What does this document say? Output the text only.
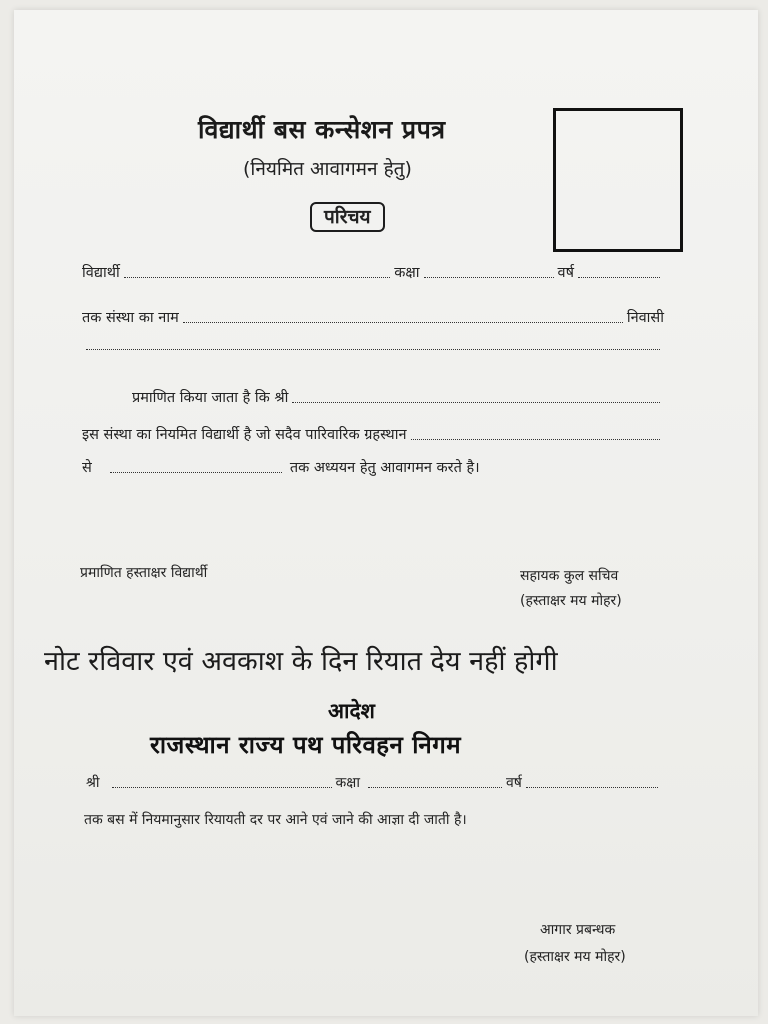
विद्यार्थी बस कन्सेशन प्रपत्र
(नियमित आवागमन हेतु)
परिचय
विद्यार्थी	कक्षा	वर्ष
तक संस्था का नाम	निवासी
प्रमाणित किया जाता है कि श्री
इस संस्था का नियमित विद्यार्थी है जो सदैव पारिवारिक ग्रहस्थान
से	तक अध्ययन हेतु आवागमन करते है।
प्रमाणित हस्ताक्षर विद्यार्थी	सहायक कुल सचिव
(हस्ताक्षर मय मोहर)
नोट रविवार एवं अवकाश के दिन रियात देय नहीं होगी
आदेश
राजस्थान राज्य पथ परिवहन निगम
श्री	कक्षा	वर्ष
तक बस में नियमानुसार रियायती दर पर आने एवं जाने की आज्ञा दी जाती है।
आगार प्रबन्धक
(हस्ताक्षर मय मोहर)
